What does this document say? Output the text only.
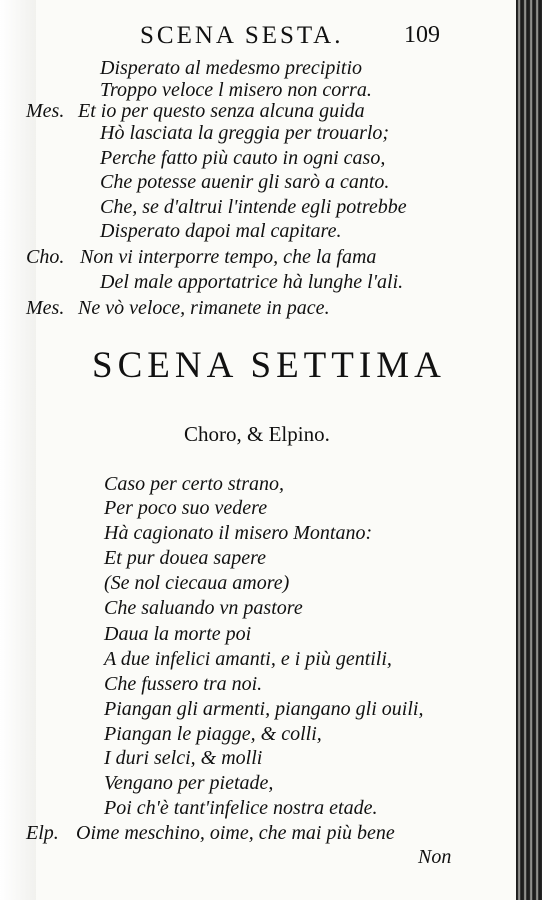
SCENA SESTA.	109
Disperato al medesmo precipitio
Troppo veloce l misero non corra.
Mes. Et io per questo senza alcuna guida
Hò lasciata la greggia per trouarlo;
Perche fatto più cauto in ogni caso,
Che potesse auenir gli sarò a canto.
Che, se d'altrui l'intende egli potrebbe
Disperato dapoi mal capitare.
Cho. Non vi interporre tempo, che la fama
Del male apportatrice hà lunghe l'ali.
Mes. Ne vò veloce, rimanete in pace.
SCENA SETTIMA
Choro, & Elpino.
Caso per certo strano,
Per poco suo vedere
Hà cagionato il misero Montano:
Et pur douea sapere
(Se nol ciecaua amore)
Che saluando vn pastore
Daua la morte poi
A due infelici amanti, e i più gentili,
Che fussero tra noi.
Piangan gli armenti, piangano gli ouili,
Piangan le piagge, & colli,
I duri selci, & molli
Vengano per pietade,
Poi ch'è tant'infelice nostra etade.
Elp. Oime meschino, oime, che mai più bene
Non
